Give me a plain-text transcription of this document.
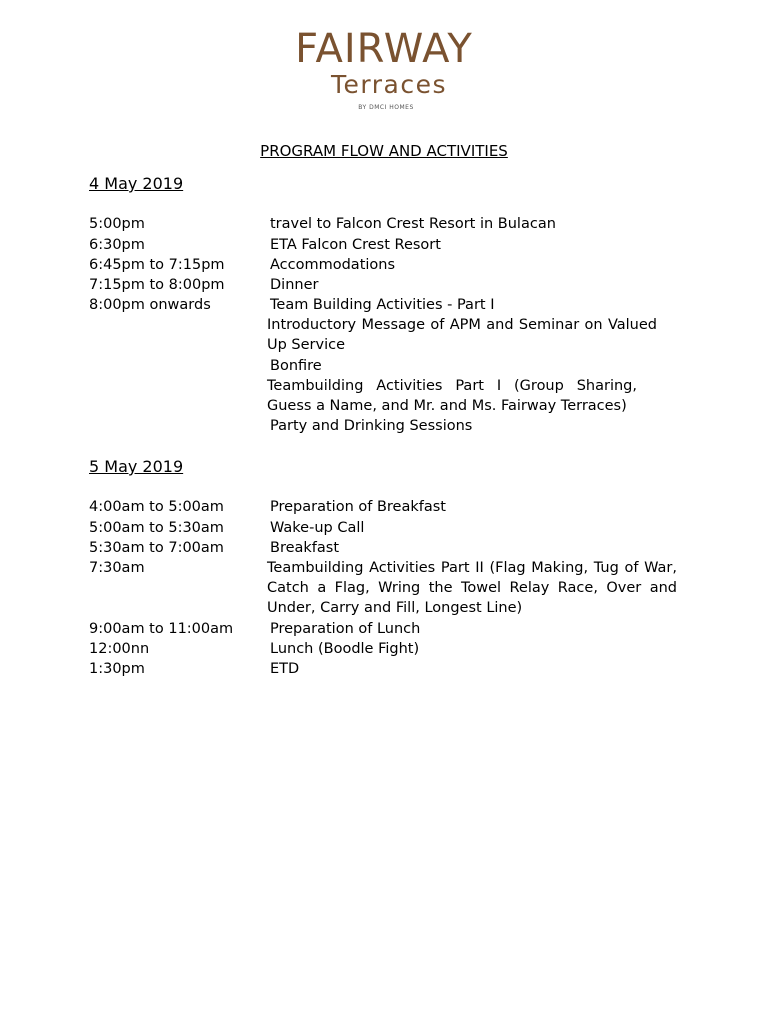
FAIRWAY
Terraces
BY DMCI HOMES
PROGRAM FLOW AND ACTIVITIES
4 May 2019
5:00pm	travel to Falcon Crest Resort in Bulacan
6:30pm	ETA Falcon Crest Resort
6:45pm to 7:15pm	Accommodations
7:15pm to 8:00pm	Dinner
8:00pm onwards	Team Building Activities - Part I
Introductory Message of APM and Seminar on Valued Up Service
Bonfire
Teambuilding Activities Part I (Group Sharing, Guess a Name, and Mr. and Ms. Fairway Terraces)
Party and Drinking Sessions
5 May 2019
4:00am to 5:00am	Preparation of Breakfast
5:00am to 5:30am	Wake-up Call
5:30am to 7:00am	Breakfast
7:30am	Teambuilding Activities Part II (Flag Making, Tug of War, Catch a Flag, Wring the Towel Relay Race, Over and Under, Carry and Fill, Longest Line)
9:00am to 11:00am	Preparation of Lunch
12:00nn	Lunch (Boodle Fight)
1:30pm	ETD
